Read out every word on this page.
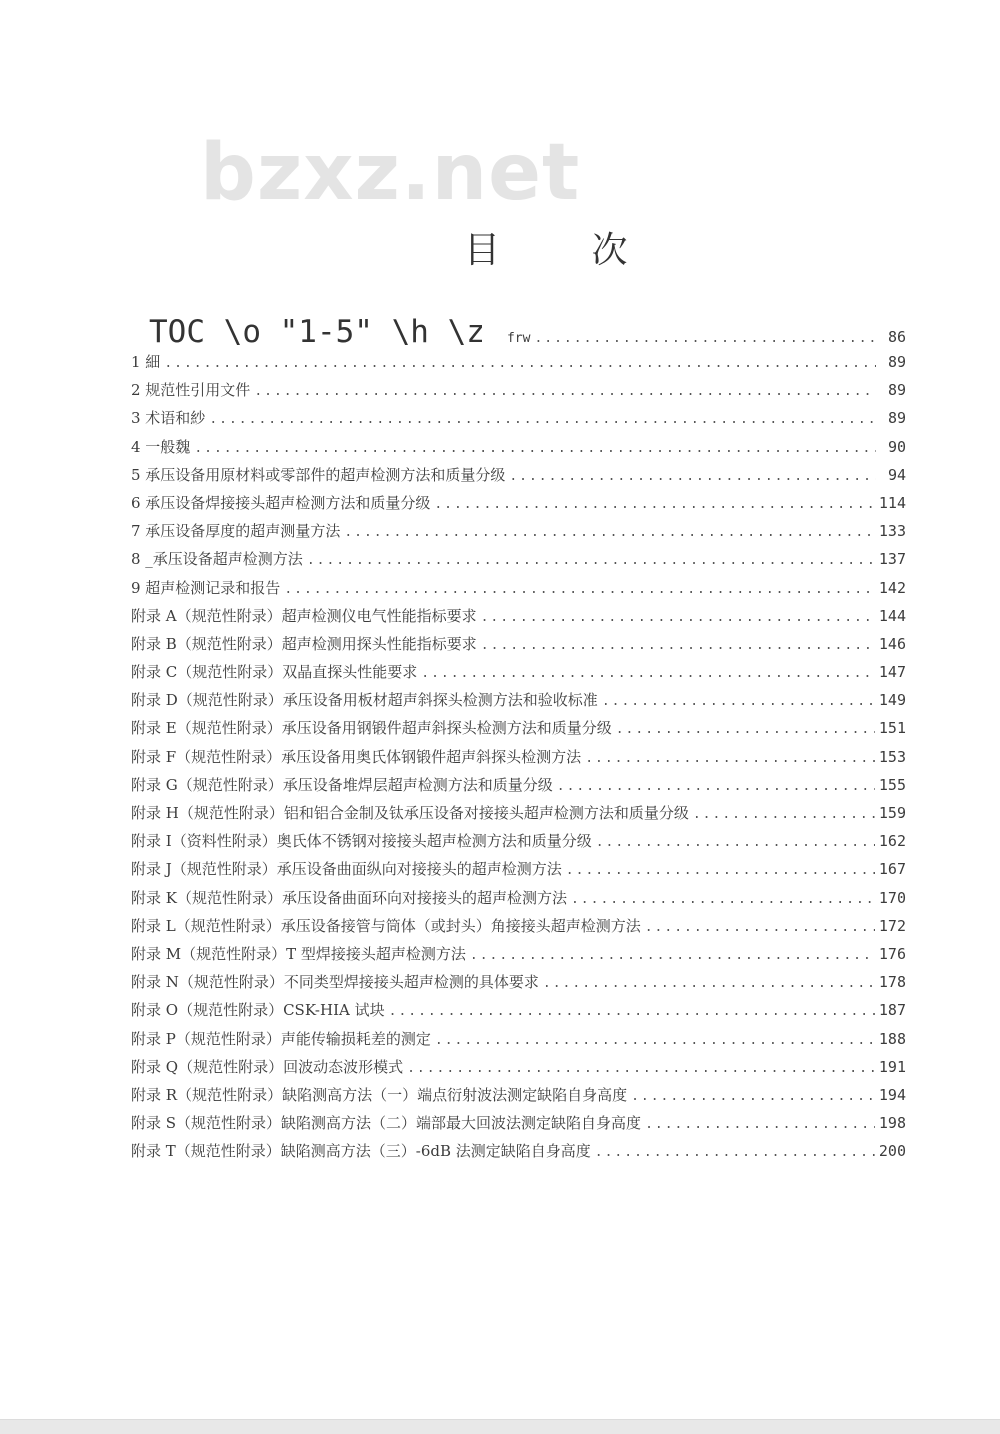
bzxz.net
目 次
TOC \o "1-5" \h \z frw .....	86
1 細 .....	89
2 规范性引用文件 .....	89
3 术语和紗 .....	89
4 一般魏 .....	90
5 承压设备用原材料或零部件的超声检测方法和质量分级 .....	94
6 承压设备焊接接头超声检测方法和质量分级 .....	114
7 承压设备厚度的超声测量方法 .....	133
8 _承压设备超声检测方法 .....	137
9 超声检测记录和报告 .....	142
附录 A（规范性附录）超声检测仪电气性能指标要求 .....	144
附录 B（规范性附录）超声检测用探头性能指标要求 .....	146
附录 C（规范性附录）双晶直探头性能要求 .....	147
附录 D（规范性附录）承压设备用板材超声斜探头检测方法和验收标准 .....	149
附录 E（规范性附录）承压设备用钢锻件超声斜探头检测方法和质量分级 .....	151
附录 F（规范性附录）承压设备用奥氏体钢锻件超声斜探头检测方法 .....	153
附录 G（规范性附录）承压设备堆焊层超声检测方法和质量分级 .....	155
附录 H（规范性附录）铝和铝合金制及钛承压设备对接接头超声检测方法和质量分级 .....	159
附录 I（资料性附录）奥氏体不锈钢对接接头超声检测方法和质量分级 .....	162
附录 J（规范性附录）承压设备曲面纵向对接接头的超声检测方法 .....	167
附录 K（规范性附录）承压设备曲面环向对接接头的超声检测方法 .....	170
附录 L（规范性附录）承压设备接管与筒体（或封头）角接接头超声检测方法 .....	172
附录 M（规范性附录）T 型焊接接头超声检测方法 .....	176
附录 N（规范性附录）不同类型焊接接头超声检测的具体要求 .....	178
附录 O（规范性附录）CSK-HIA 试块 .....	187
附录 P（规范性附录）声能传输损耗差的测定 .....	188
附录 Q（规范性附录）回波动态波形模式 .....	191
附录 R（规范性附录）缺陷测高方法（一）端点衍射波法测定缺陷自身高度 .....	194
附录 S（规范性附录）缺陷测高方法（二）端部最大回波法测定缺陷自身高度 .....	198
附录 T（规范性附录）缺陷测高方法（三）-6dB 法测定缺陷自身高度 .....	200
